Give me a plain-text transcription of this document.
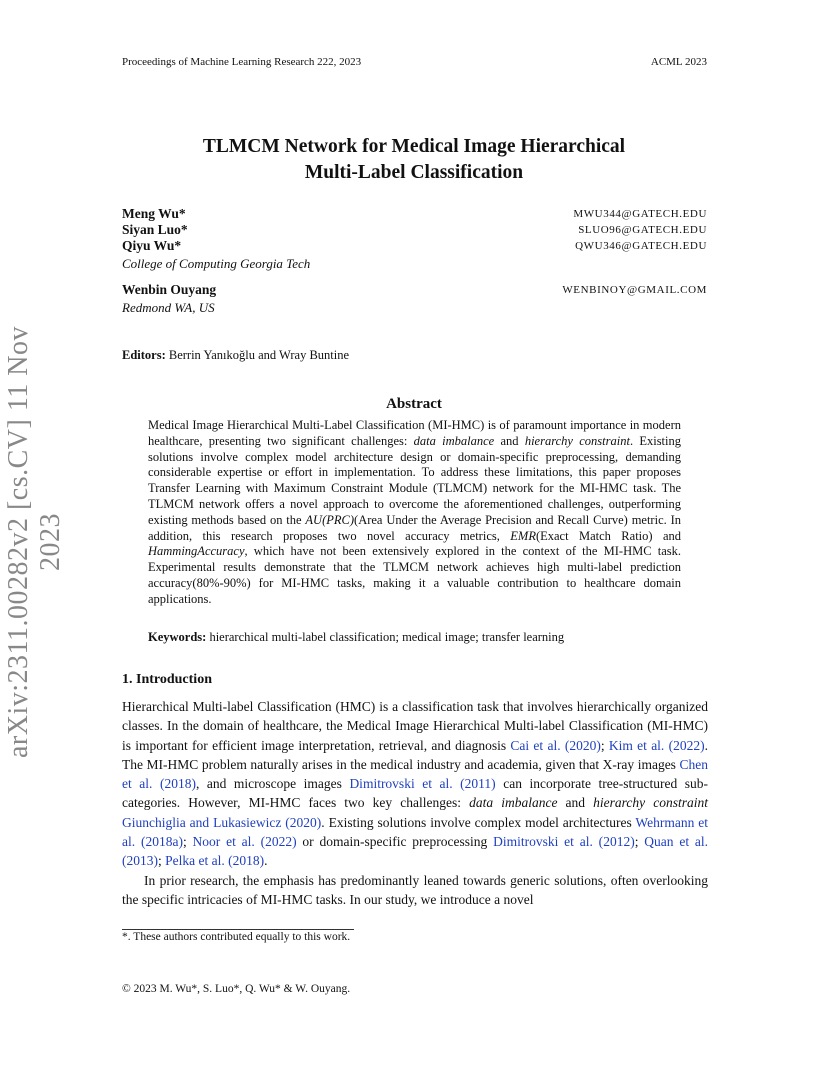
Proceedings of Machine Learning Research 222, 2023	ACML 2023
arXiv:2311.00282v2 [cs.CV] 11 Nov 2023
TLMCM Network for Medical Image Hierarchical
Multi-Label Classification
Meng Wu*	MWU344@GATECH.EDU
Siyan Luo*	SLUO96@GATECH.EDU
Qiyu Wu*	QWU346@GATECH.EDU
College of Computing Georgia Tech
Wenbin Ouyang	WENBINOY@GMAIL.COM
Redmond WA, US
Editors: Berrin Yanıkoğlu and Wray Buntine
Abstract

Medical Image Hierarchical Multi-Label Classification (MI-HMC) is of paramount importance in modern healthcare, presenting two significant challenges: data imbalance and hierarchy constraint. Existing solutions involve complex model architecture design or domain-specific preprocessing, demanding considerable expertise or effort in implementation. To address these limitations, this paper proposes Transfer Learning with Maximum Constraint Module (TLMCM) network for the MI-HMC task. The TLMCM network offers a novel approach to overcome the aforementioned challenges, outperforming existing methods based on the AU(PRC)(Area Under the Average Precision and Recall Curve) metric. In addition, this research proposes two novel accuracy metrics, EMR(Exact Match Ratio) and HammingAccuracy, which have not been extensively explored in the context of the MI-HMC task. Experimental results demonstrate that the TLMCM network achieves high multi-label prediction accuracy(80%-90%) for MI-HMC tasks, making it a valuable contribution to healthcare domain applications.

Keywords: hierarchical multi-label classification; medical image; transfer learning
1. Introduction

Hierarchical Multi-label Classification (HMC) is a classification task that involves hierarchically organized classes. In the domain of healthcare, the Medical Image Hierarchical Multi-label Classification (MI-HMC) is important for efficient image interpretation, retrieval, and diagnosis Cai et al. (2020); Kim et al. (2022). The MI-HMC problem naturally arises in the medical industry and academia, given that X-ray images Chen et al. (2018), and microscope images Dimitrovski et al. (2011) can incorporate tree-structured sub-categories. However, MI-HMC faces two key challenges: data imbalance and hierarchy constraint Giunchiglia and Lukasiewicz (2020). Existing solutions involve complex model architectures Wehrmann et al. (2018a); Noor et al. (2022) or domain-specific preprocessing Dimitrovski et al. (2012); Quan et al. (2013); Pelka et al. (2018).

In prior research, the emphasis has predominantly leaned towards generic solutions, often overlooking the specific intricacies of MI-HMC tasks. In our study, we introduce a novel

*. These authors contributed equally to this work.
© 2023 M. Wu*, S. Luo*, Q. Wu* & W. Ouyang.
